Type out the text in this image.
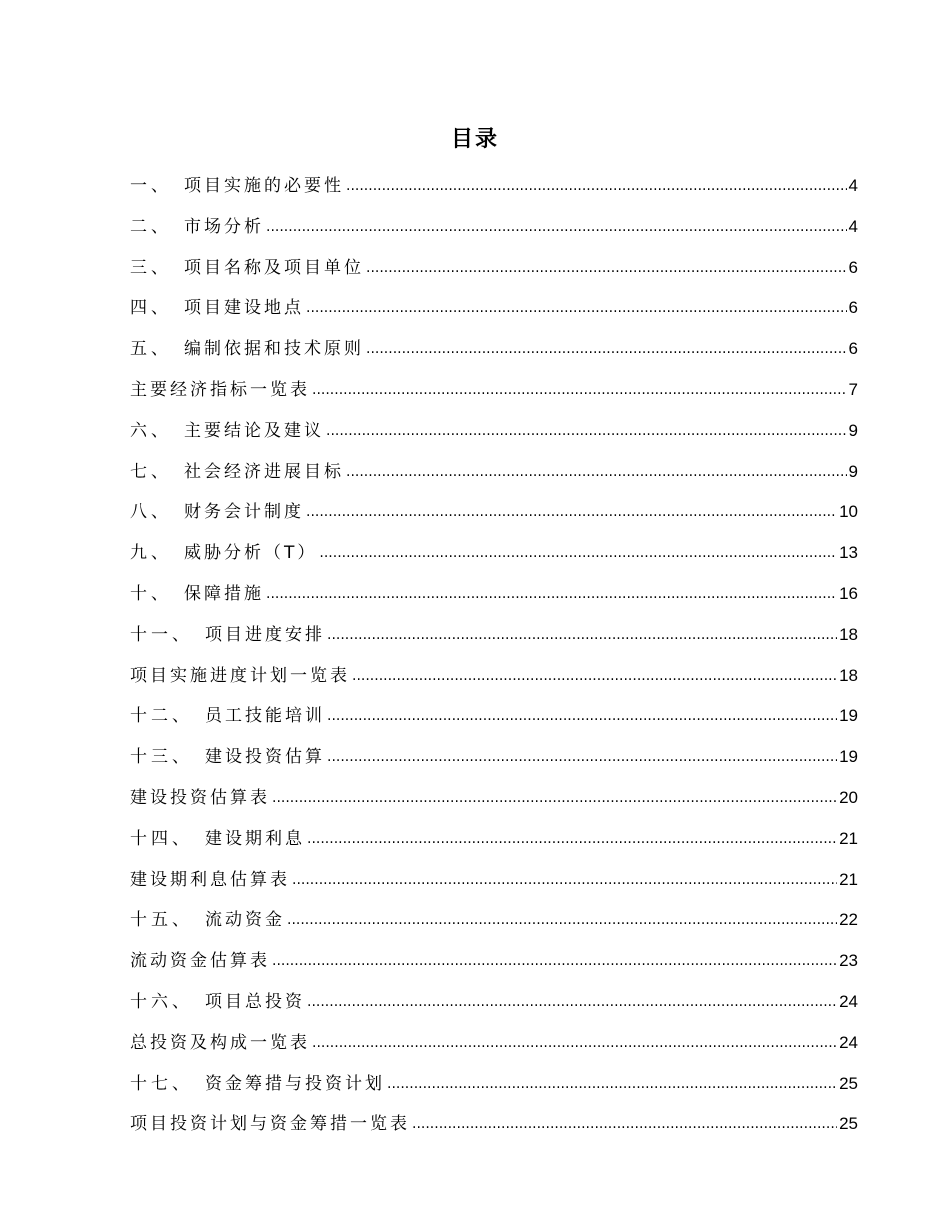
目录
一、 项目实施的必要性 .....	4
二、 市场分析 .....	4
三、 项目名称及项目单位 .....	6
四、 项目建设地点 .....	6
五、 编制依据和技术原则 .....	6
主要经济指标一览表 .....	7
六、 主要结论及建议 .....	9
七、 社会经济进展目标 .....	9
八、 财务会计制度 .....	10
九、 威胁分析（T） .....	13
十、 保障措施 .....	16
十一、 项目进度安排 .....	18
项目实施进度计划一览表 .....	18
十二、 员工技能培训 .....	19
十三、 建设投资估算 .....	19
建设投资估算表 .....	20
十四、 建设期利息 .....	21
建设期利息估算表 .....	21
十五、 流动资金 .....	22
流动资金估算表 .....	23
十六、 项目总投资 .....	24
总投资及构成一览表 .....	24
十七、 资金筹措与投资计划 .....	25
项目投资计划与资金筹措一览表 .....	25
